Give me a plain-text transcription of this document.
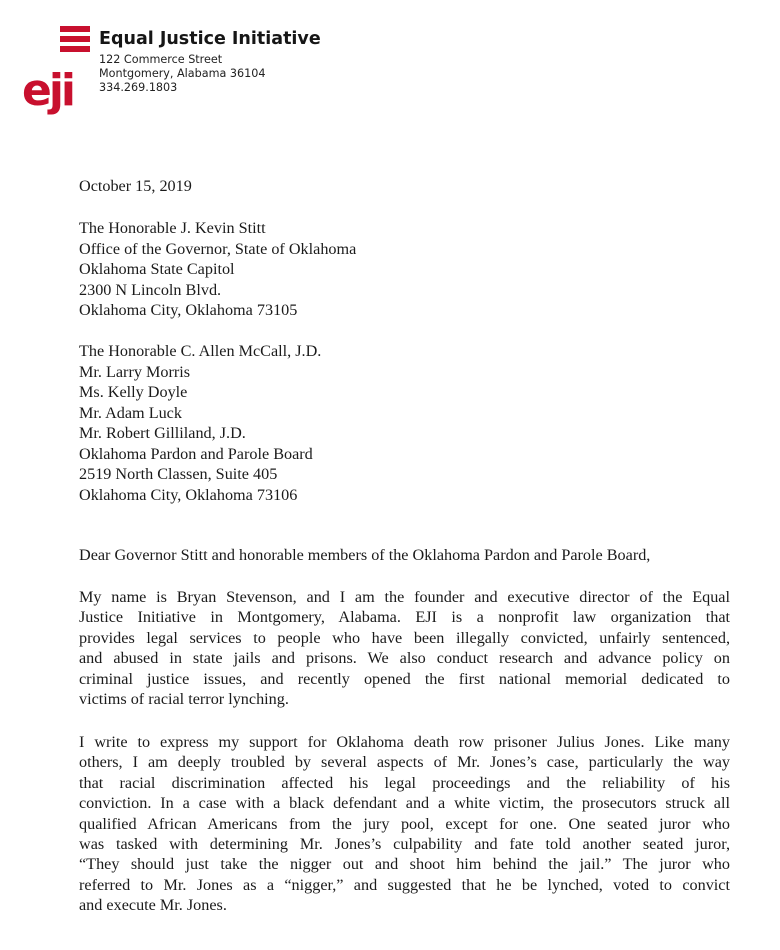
eji
Equal Justice Initiative
122 Commerce Street
Montgomery, Alabama 36104
334.269.1803
October 15, 2019
The Honorable J. Kevin Stitt
Office of the Governor, State of Oklahoma
Oklahoma State Capitol
2300 N Lincoln Blvd.
Oklahoma City, Oklahoma 73105
The Honorable C. Allen McCall, J.D.
Mr. Larry Morris
Ms. Kelly Doyle
Mr. Adam Luck
Mr. Robert Gilliland, J.D.
Oklahoma Pardon and Parole Board
2519 North Classen, Suite 405
Oklahoma City, Oklahoma 73106
Dear Governor Stitt and honorable members of the Oklahoma Pardon and Parole Board,
My name is Bryan Stevenson, and I am the founder and executive director of the Equal
Justice Initiative in Montgomery, Alabama. EJI is a nonprofit law organization that
provides legal services to people who have been illegally convicted, unfairly sentenced,
and abused in state jails and prisons. We also conduct research and advance policy on
criminal justice issues, and recently opened the first national memorial dedicated to
victims of racial terror lynching.
I write to express my support for Oklahoma death row prisoner Julius Jones. Like many
others, I am deeply troubled by several aspects of Mr. Jones’s case, particularly the way
that racial discrimination affected his legal proceedings and the reliability of his
conviction. In a case with a black defendant and a white victim, the prosecutors struck all
qualified African Americans from the jury pool, except for one. One seated juror who
was tasked with determining Mr. Jones’s culpability and fate told another seated juror,
“They should just take the nigger out and shoot him behind the jail.” The juror who
referred to Mr. Jones as a “nigger,” and suggested that he be lynched, voted to convict
and execute Mr. Jones.
